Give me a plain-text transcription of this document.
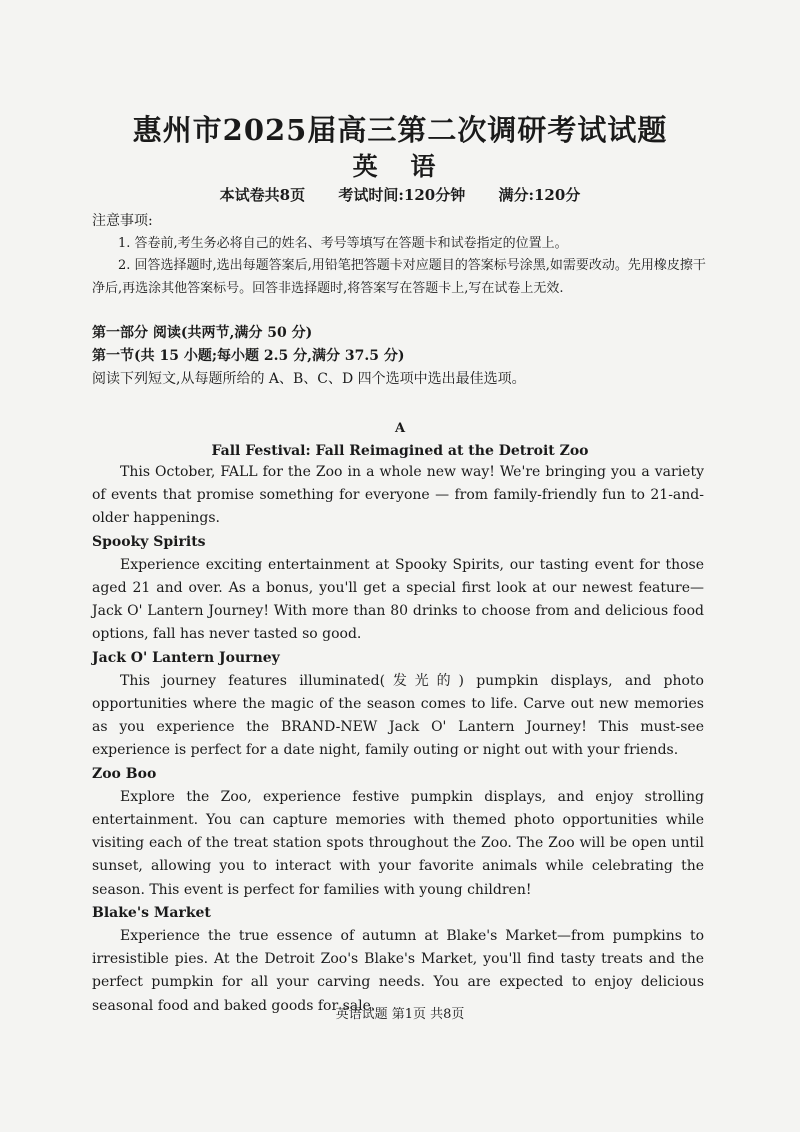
惠州市2025届高三第二次调研考试试题
英 语
本试卷共8页 考试时间:120分钟 满分:120分

注意事项:

1. 答卷前,考生务必将自己的姓名、考号等填写在答题卡和试卷指定的位置上。

2. 回答选择题时,选出每题答案后,用铅笔把答题卡对应题目的答案标号涂黑,如需要改动。先用橡皮擦干净后,再选涂其他答案标号。回答非选择题时,将答案写在答题卡上,写在试卷上无效.

第一部分 阅读(共两节,满分 50 分)
第一节(共 15 小题;每小题 2.5 分,满分 37.5 分)
阅读下列短文,从每题所给的 A、B、C、D 四个选项中选出最佳选项。
A
Fall Festival: Fall Reimagined at the Detroit Zoo

This October, FALL for the Zoo in a whole new way! We're bringing you a variety of events that promise something for everyone — from family-friendly fun to 21-and-older happenings.

Spooky Spirits

Experience exciting entertainment at Spooky Spirits, our tasting event for those aged 21 and over. As a bonus, you'll get a special first look at our newest feature—Jack O' Lantern Journey! With more than 80 drinks to choose from and delicious food options, fall has never tasted so good.

Jack O' Lantern Journey

This journey features illuminated(发光的) pumpkin displays, and photo opportunities where the magic of the season comes to life. Carve out new memories as you experience the BRAND-NEW Jack O' Lantern Journey! This must-see experience is perfect for a date night, family outing or night out with your friends.

Zoo Boo

Explore the Zoo, experience festive pumpkin displays, and enjoy strolling entertainment. You can capture memories with themed photo opportunities while visiting each of the treat station spots throughout the Zoo. The Zoo will be open until sunset, allowing you to interact with your favorite animals while celebrating the season. This event is perfect for families with young children!

Blake's Market

Experience the true essence of autumn at Blake's Market—from pumpkins to irresistible pies. At the Detroit Zoo's Blake's Market, you'll find tasty treats and the perfect pumpkin for all your carving needs. You are expected to enjoy delicious seasonal food and baked goods for sale.

英语试题 第1页 共8页
